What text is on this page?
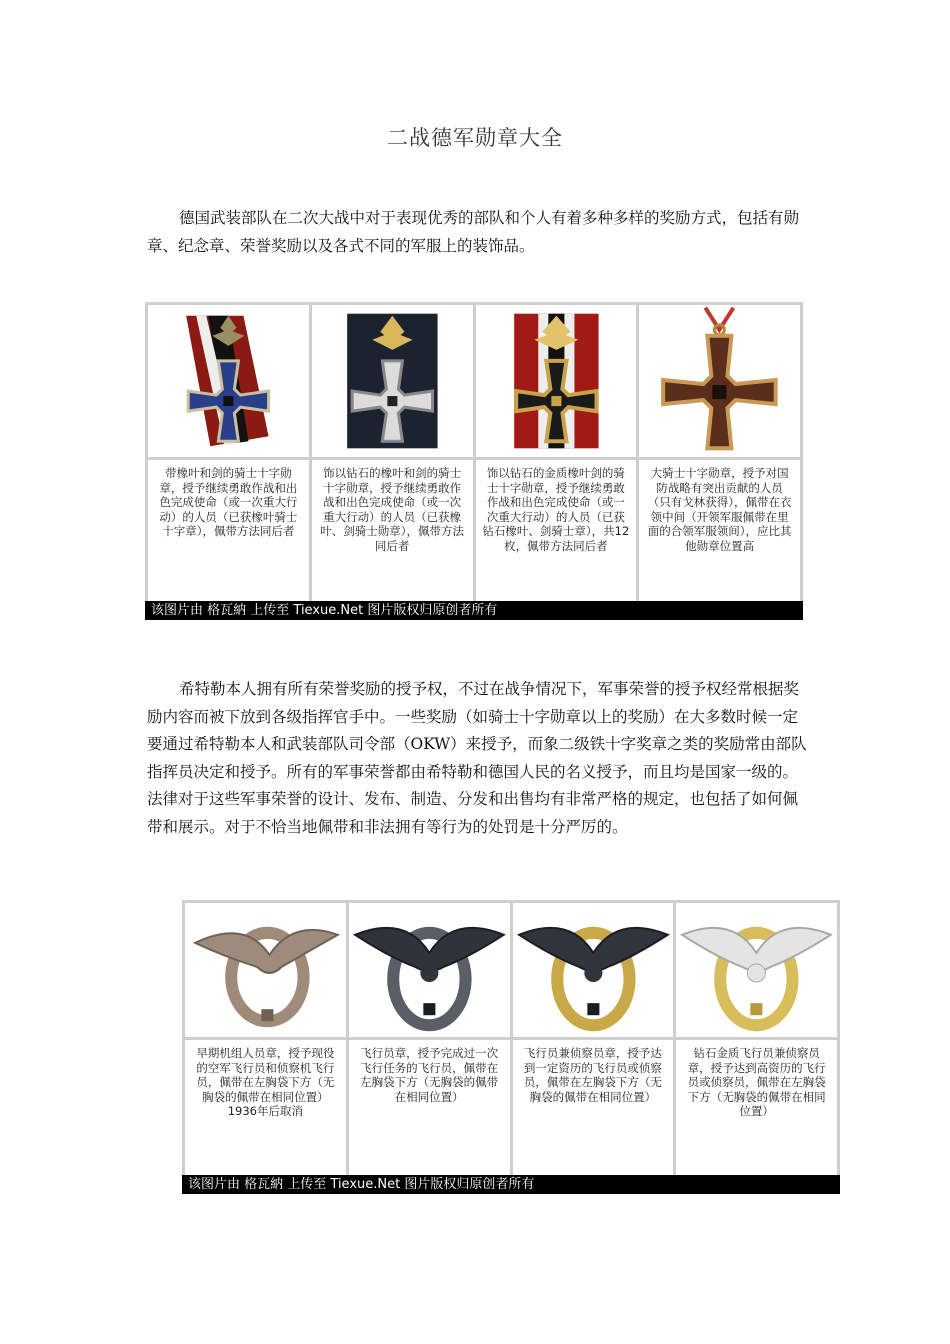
二战德军勋章大全

德国武装部队在二次大战中对于表现优秀的部队和个人有着多种多样的奖励方式，包括有勋章、纪念章、荣誉奖励以及各式不同的军服上的装饰品。

带橡叶和剑的骑士十字勋章，授予继续勇敢作战和出色完成使命（或一次重大行动）的人员（已获橡叶骑士十字章），佩带方法同后者
饰以钻石的橡叶和剑的骑士十字勋章，授予继续勇敢作战和出色完成使命（或一次重大行动）的人员（已获橡叶、剑骑士勋章），佩带方法同后者
饰以钻石的金质橡叶剑的骑士十字勋章，授予继续勇敢作战和出色完成使命（或一次重大行动）的人员（已获钻石橡叶、剑骑士章），共12枚，佩带方法同后者
大骑士十字勋章，授予对国防战略有突出贡献的人员（只有戈林获得），佩带在衣领中间（开领军服佩带在里面的合领军服领间），应比其他勋章位置高
该图片由 格瓦納 上传至 Tiexue.Net 图片版权归原创者所有

希特勒本人拥有所有荣誉奖励的授予权，不过在战争情况下，军事荣誉的授予权经常根据奖励内容而被下放到各级指挥官手中。一些奖励（如骑士十字勋章以上的奖励）在大多数时候一定要通过希特勒本人和武装部队司令部（OKW）来授予，而象二级铁十字奖章之类的奖励常由部队指挥员决定和授予。所有的军事荣誉都由希特勒和德国人民的名义授予，而且均是国家一级的。法律对于这些军事荣誉的设计、发布、制造、分发和出售均有非常严格的规定，也包括了如何佩带和展示。对于不恰当地佩带和非法拥有等行为的处罚是十分严厉的。

早期机组人员章，授予现役的空军飞行员和侦察机飞行员，佩带在左胸袋下方（无胸袋的佩带在相同位置）1936年后取消
飞行员章，授予完成过一次飞行任务的飞行员，佩带在左胸袋下方（无胸袋的佩带在相同位置）
飞行员兼侦察员章，授予达到一定资历的飞行员或侦察员，佩带在左胸袋下方（无胸袋的佩带在相同位置）
钻石金质飞行员兼侦察员章，授予达到高资历的飞行员或侦察员，佩带在左胸袋下方（无胸袋的佩带在相同位置）
该图片由 格瓦納 上传至 Tiexue.Net 图片版权归原创者所有
